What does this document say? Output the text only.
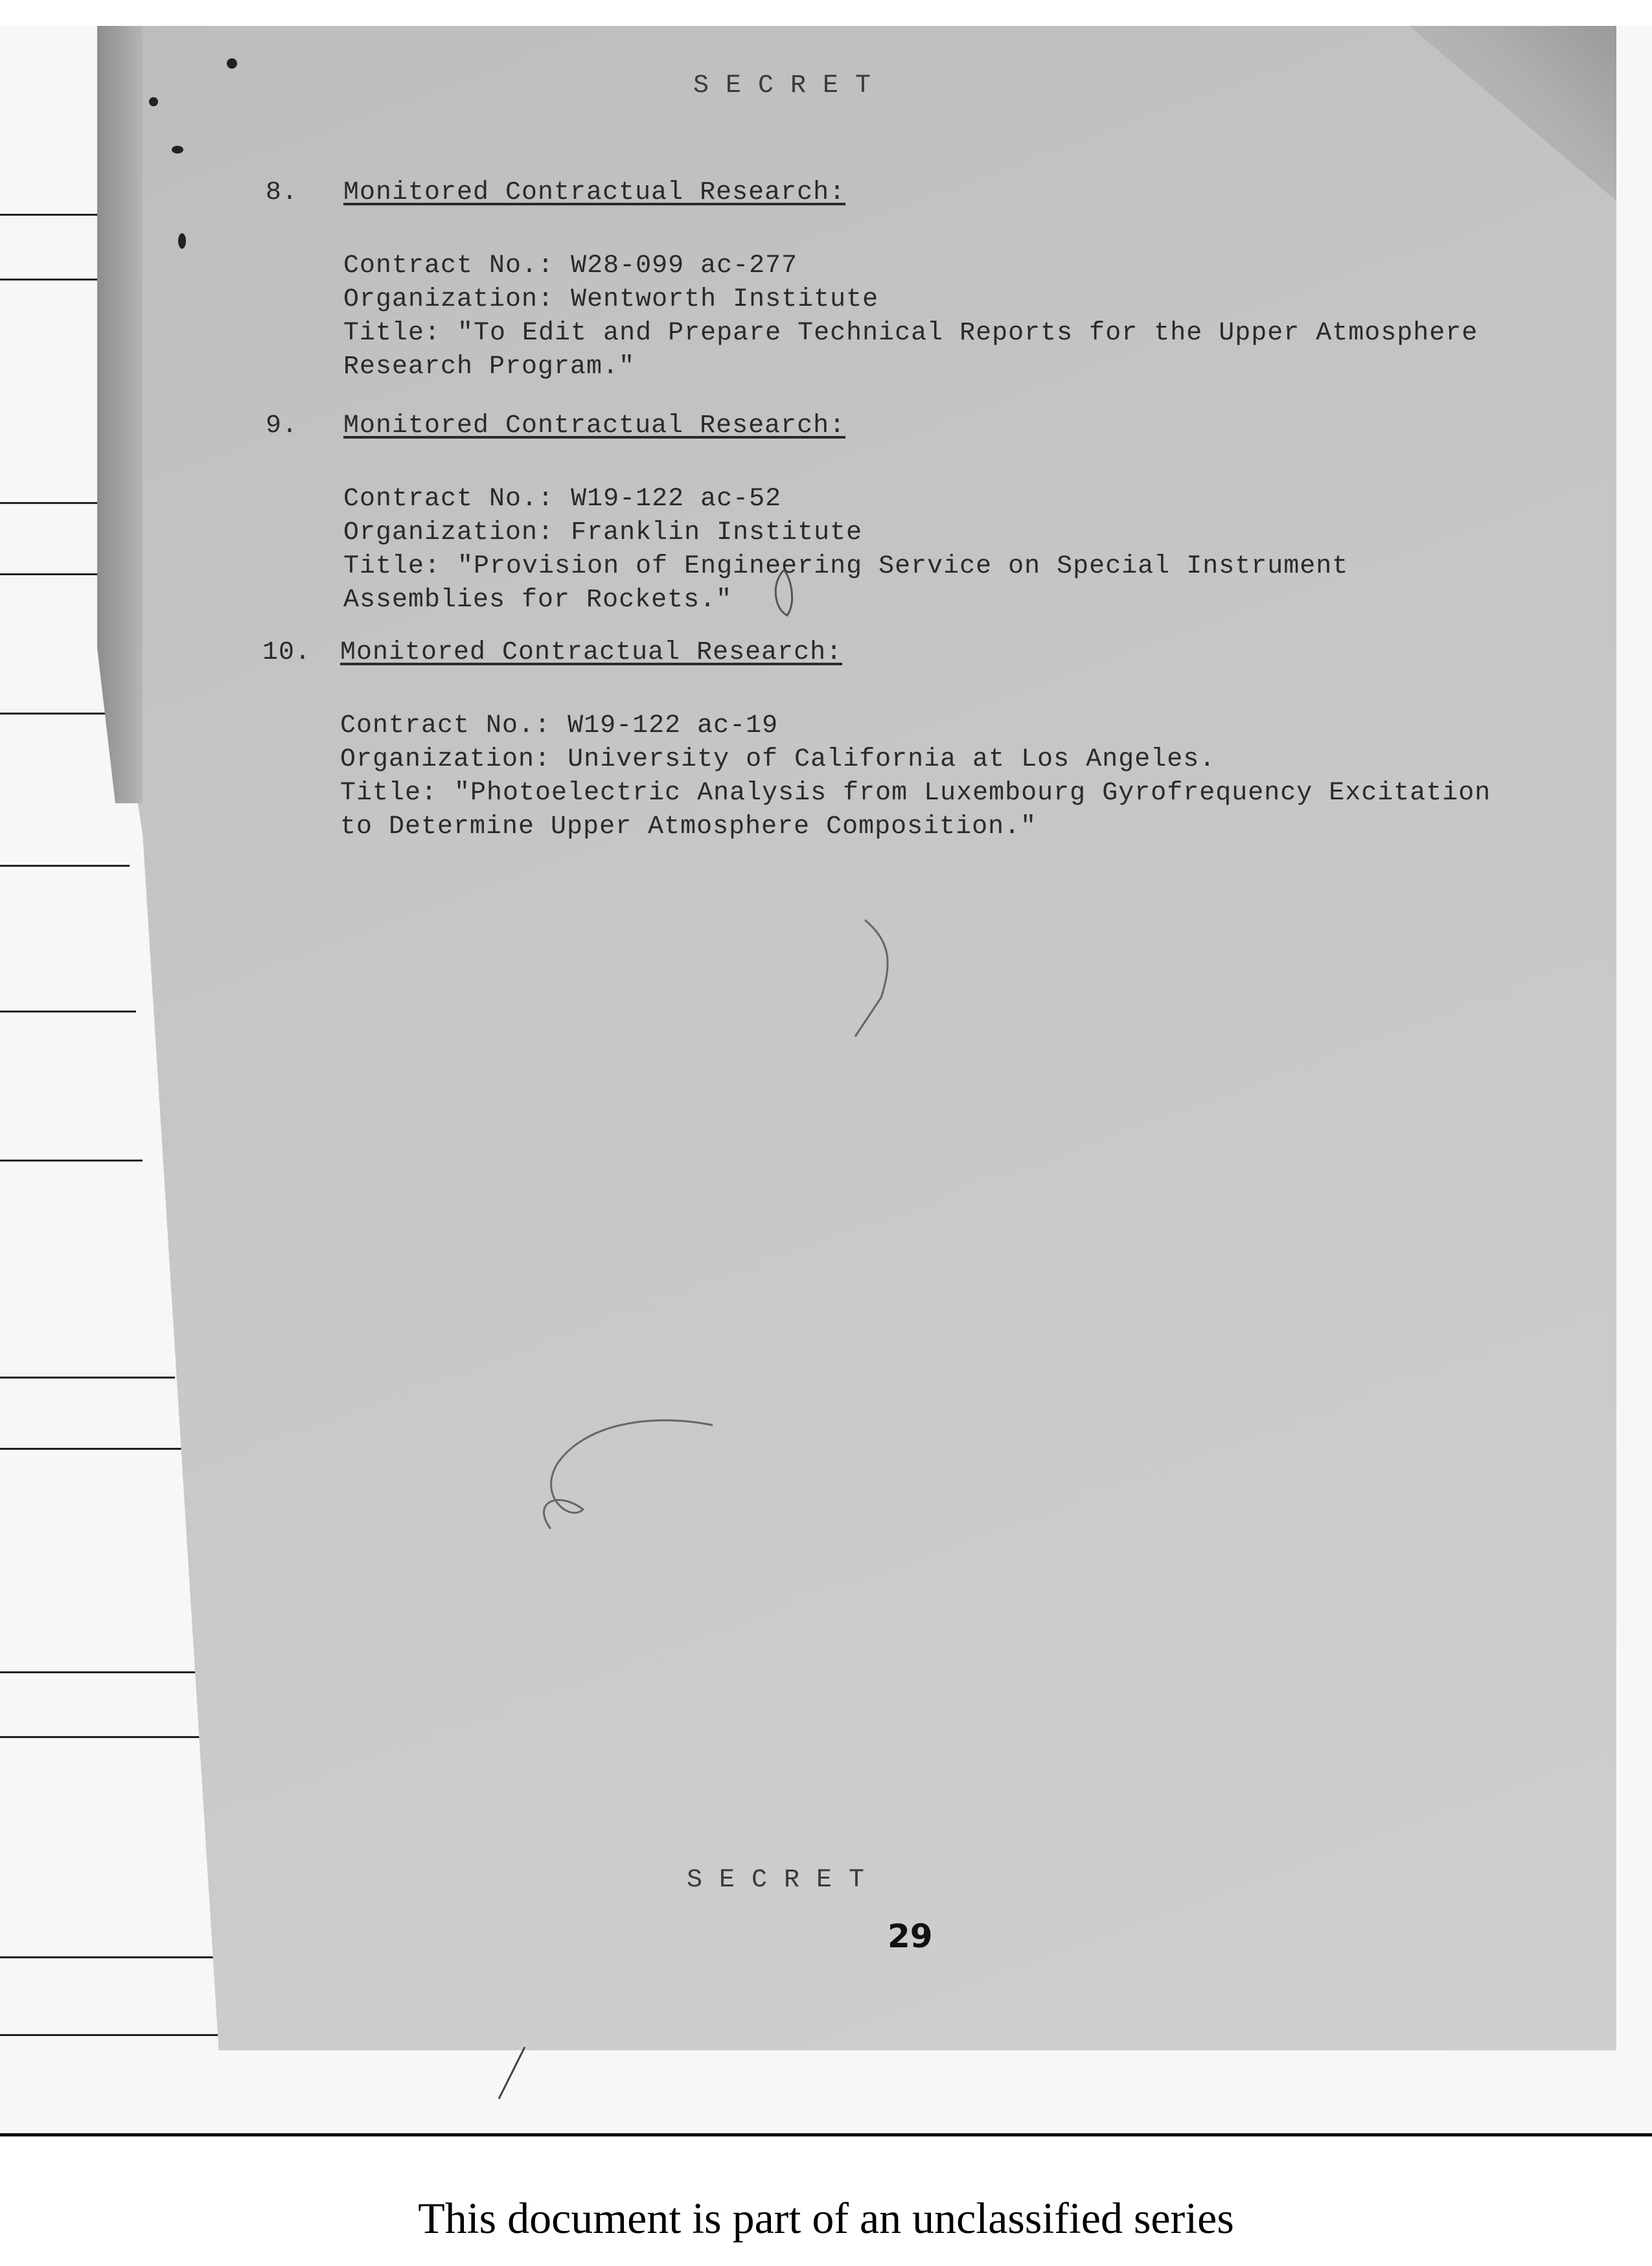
SECRET
8. Monitored Contractual Research:
Contract No.: W28-099 ac-277
Organization: Wentworth Institute
Title: "To Edit and Prepare Technical Reports for the Upper Atmosphere
Research Program."
9. Monitored Contractual Research:
Contract No.: W19-122 ac-52
Organization: Franklin Institute
Title: "Provision of Engineering Service on Special Instrument
Assemblies for Rockets."
10. Monitored Contractual Research:
Contract No.: W19-122 ac-19
Organization: University of California at Los Angeles.
Title: "Photoelectric Analysis from Luxembourg Gyrofrequency Excitation
to Determine Upper Atmosphere Composition."
SECRET
29
This document is part of an unclassified series
